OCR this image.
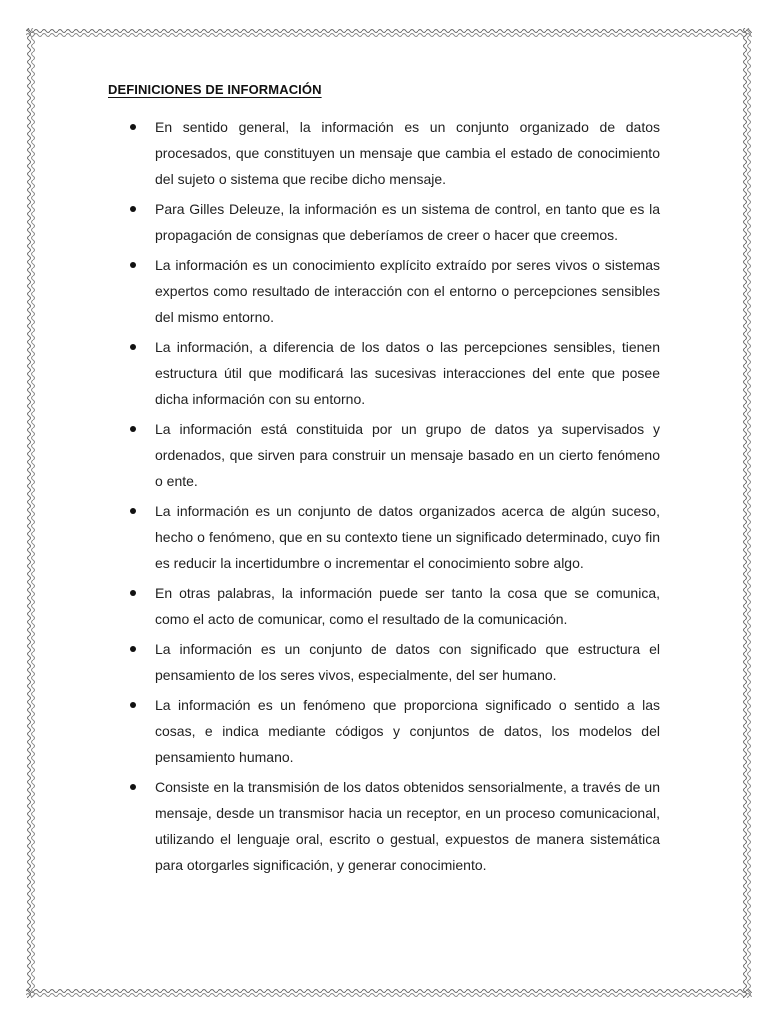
DEFINICIONES DE INFORMACIÓN
En sentido general, la información es un conjunto organizado de datos procesados, que constituyen un mensaje que cambia el estado de conocimiento del sujeto o sistema que recibe dicho mensaje.
Para Gilles Deleuze, la información es un sistema de control, en tanto que es la propagación de consignas que deberíamos de creer o hacer que creemos.
La información es un conocimiento explícito extraído por seres vivos o sistemas expertos como resultado de interacción con el entorno o percepciones sensibles del mismo entorno.
La información, a diferencia de los datos o las percepciones sensibles, tienen estructura útil que modificará las sucesivas interacciones del ente que posee dicha información con su entorno.
La información está constituida por un grupo de datos ya supervisados y ordenados, que sirven para construir un mensaje basado en un cierto fenómeno o ente.
La información es un conjunto de datos organizados acerca de algún suceso, hecho o fenómeno, que en su contexto tiene un significado determinado, cuyo fin es reducir la incertidumbre o incrementar el conocimiento sobre algo.
En otras palabras, la información puede ser tanto la cosa que se comunica, como el acto de comunicar, como el resultado de la comunicación.
La información es un conjunto de datos con significado que estructura el pensamiento de los seres vivos, especialmente, del ser humano.
La información es un fenómeno que proporciona significado o sentido a las cosas, e indica mediante códigos y conjuntos de datos, los modelos del pensamiento humano.
Consiste en la transmisión de los datos obtenidos sensorialmente, a través de un mensaje, desde un transmisor hacia un receptor, en un proceso comunicacional, utilizando el lenguaje oral, escrito o gestual, expuestos de manera sistemática para otorgarles significación, y generar conocimiento.
